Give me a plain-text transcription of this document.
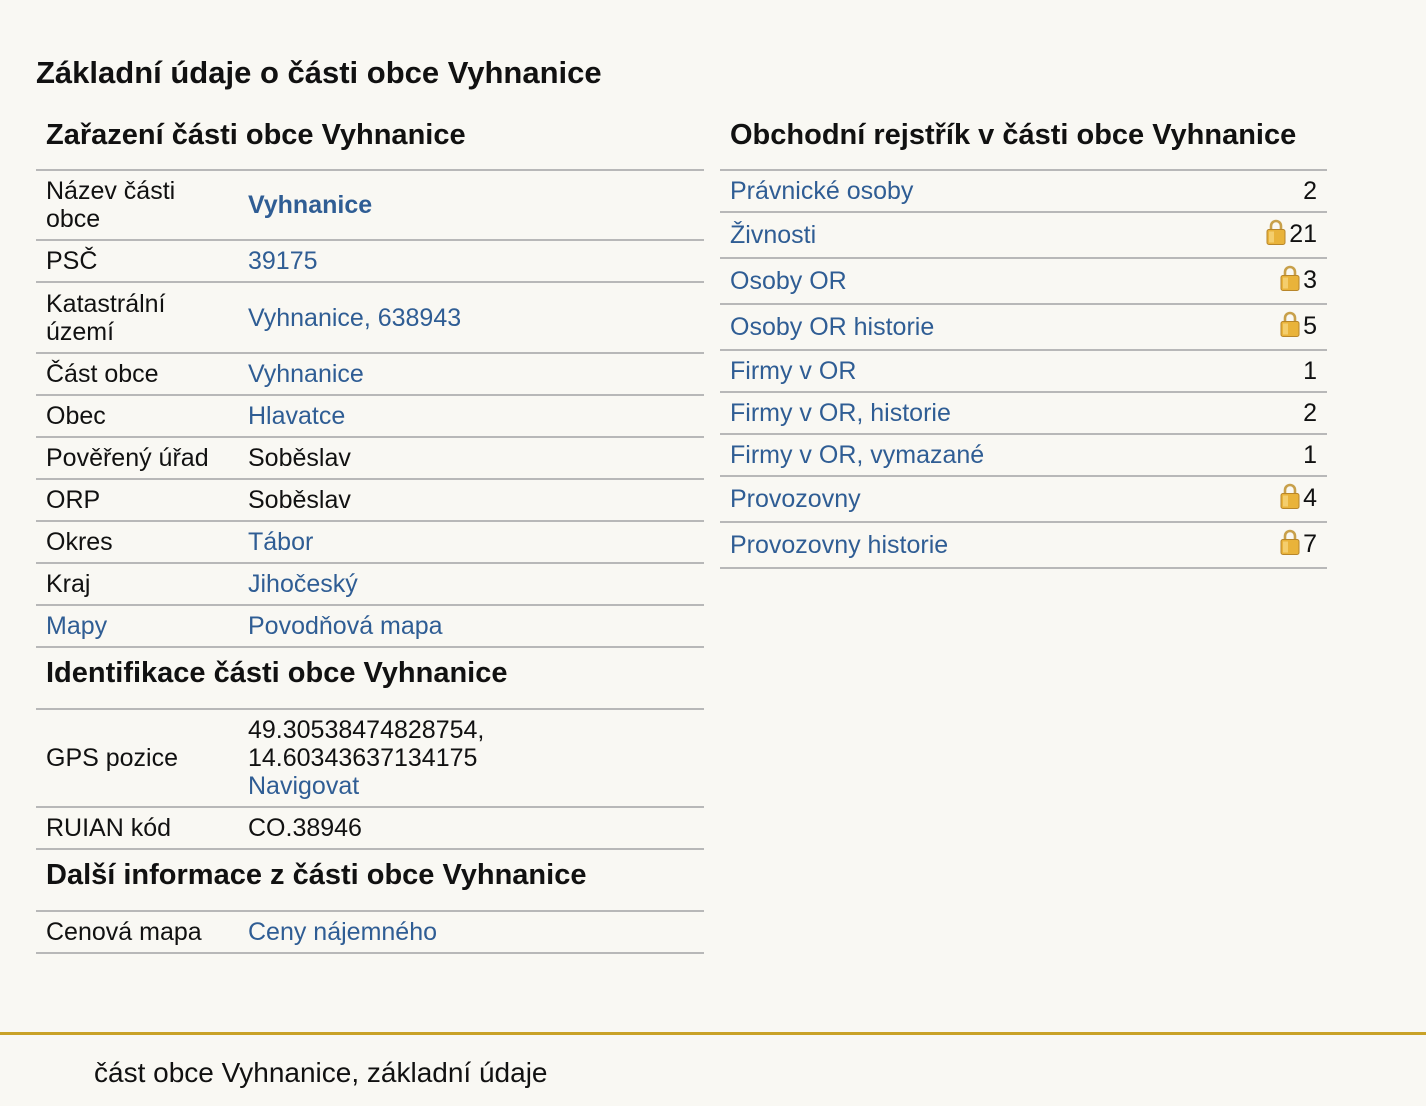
Základní údaje o části obce Vyhnanice
Zařazení části obce Vyhnanice
Název části obce	Vyhnanice
PSČ	39175
Katastrální území	Vyhnanice, 638943
Část obce	Vyhnanice
Obec	Hlavatce
Pověřený úřad	Soběslav
ORP	Soběslav
Okres	Tábor
Kraj	Jihočeský
Mapy	Povodňová mapa
Identifikace části obce Vyhnanice
GPS pozice	49.30538474828754,
14.60343637134175
Navigovat
RUIAN kód	CO.38946
Další informace z části obce Vyhnanice
Cenová mapa	Ceny nájemného
Obchodní rejstřík v části obce Vyhnanice
Právnické osoby	2
Živnosti	21
Osoby OR	3
Osoby OR historie	5
Firmy v OR	1
Firmy v OR, historie	2
Firmy v OR, vymazané	1
Provozovny	4
Provozovny historie	7
část obce Vyhnanice, základní údaje
